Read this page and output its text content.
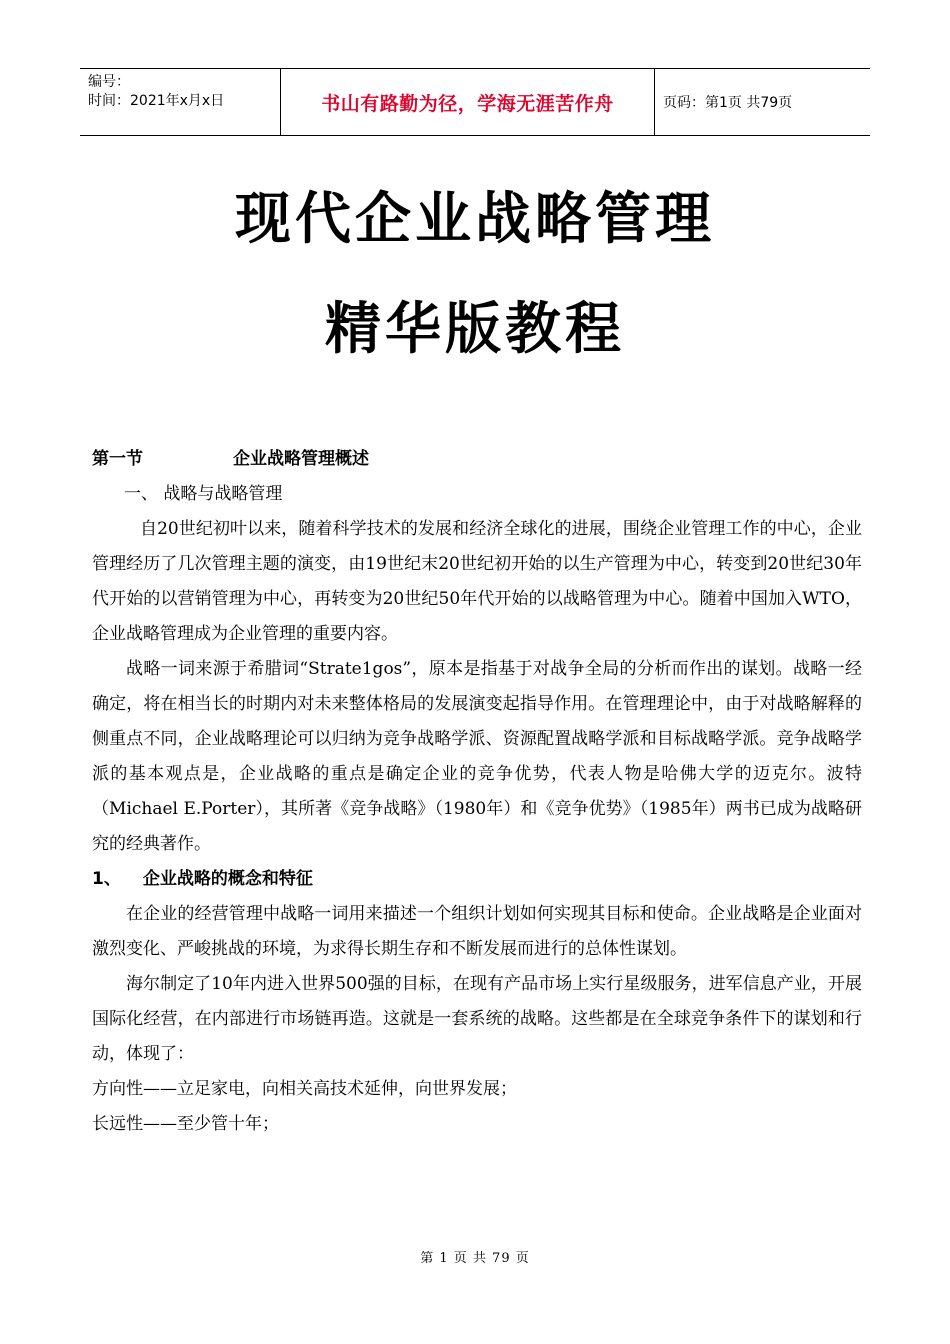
编号：
时间：2021年x月x日	书山有路勤为径，学海无涯苦作舟	页码：第1页 共79页
现代企业战略管理
精华版教程

第一节	企业战略管理概述

一、 战略与战略管理

自20世纪初叶以来，随着科学技术的发展和经济全球化的进展，围绕企业管理工作的中心，企业管理经历了几次管理主题的演变，由19世纪末20世纪初开始的以生产管理为中心，转变到20世纪30年代开始的以营销管理为中心，再转变为20世纪50年代开始的以战略管理为中心。随着中国加入WTO，企业战略管理成为企业管理的重要内容。

战略一词来源于希腊词“Strate1gos”，原本是指基于对战争全局的分析而作出的谋划。战略一经确定，将在相当长的时期内对未来整体格局的发展演变起指导作用。在管理理论中，由于对战略解释的侧重点不同，企业战略理论可以归纳为竞争战略学派、资源配置战略学派和目标战略学派。竞争战略学派的基本观点是，企业战略的重点是确定企业的竞争优势，代表人物是哈佛大学的迈克尔。波特（Michael E.Porter），其所著《竞争战略》（1980年）和《竞争优势》（1985年）两书已成为战略研究的经典著作。

1、 企业战略的概念和特征

在企业的经营管理中战略一词用来描述一个组织计划如何实现其目标和使命。企业战略是企业面对激烈变化、严峻挑战的环境，为求得长期生存和不断发展而进行的总体性谋划。

海尔制定了10年内进入世界500强的目标，在现有产品市场上实行星级服务，进军信息产业，开展国际化经营，在内部进行市场链再造。这就是一套系统的战略。这些都是在全球竞争条件下的谋划和行动，体现了：

方向性——立足家电，向相关高技术延伸，向世界发展；

长远性——至少管十年；

第 1 页 共 79 页
